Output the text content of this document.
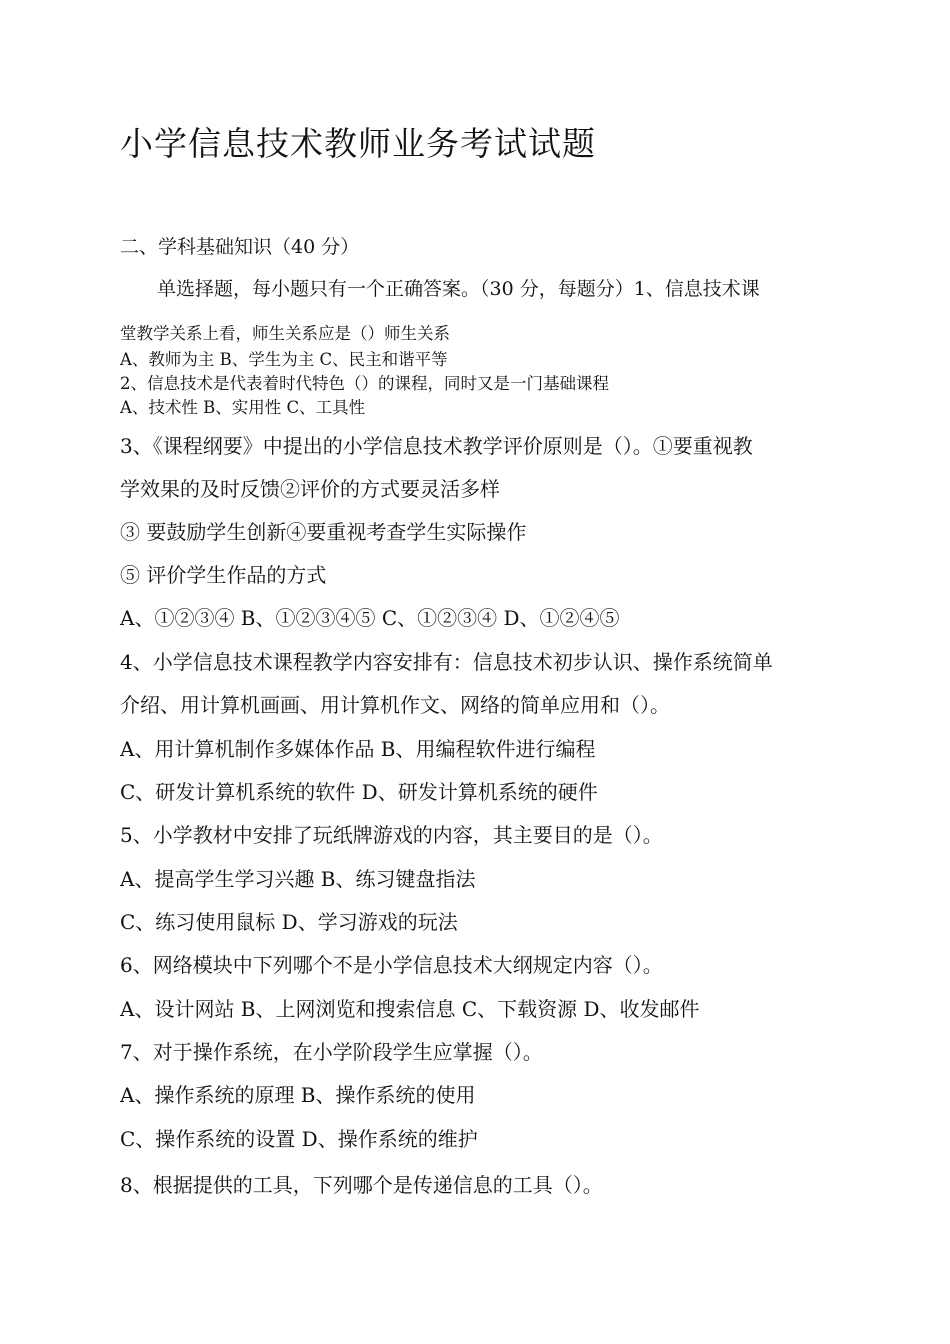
小学信息技术教师业务考试试题
二、学科基础知识（40 分）
单选择题，每小题只有一个正确答案。（30 分，每题分）1、信息技术课
堂教学关系上看，师生关系应是（）师生关系
A、教师为主 B、学生为主 C、民主和谐平等
2、信息技术是代表着时代特色（）的课程，同时又是一门基础课程
A、技术性 B、实用性 C、工具性
3、《课程纲要》中提出的小学信息技术教学评价原则是（）。①要重视教
学效果的及时反馈②评价的方式要灵活多样
③ 要鼓励学生创新④要重视考查学生实际操作
⑤ 评价学生作品的方式
A、①②③④ B、①②③④⑤ C、①②③④ D、①②④⑤
4、小学信息技术课程教学内容安排有：信息技术初步认识、操作系统简单
介绍、用计算机画画、用计算机作文、网络的简单应用和（）。
A、用计算机制作多媒体作品 B、用编程软件进行编程
C、研发计算机系统的软件 D、研发计算机系统的硬件
5、小学教材中安排了玩纸牌游戏的内容，其主要目的是（）。
A、提高学生学习兴趣 B、练习键盘指法
C、练习使用鼠标 D、学习游戏的玩法
6、网络模块中下列哪个不是小学信息技术大纲规定内容（）。
A、设计网站 B、上网浏览和搜索信息 C、下载资源 D、收发邮件
7、对于操作系统，在小学阶段学生应掌握（）。
A、操作系统的原理 B、操作系统的使用
C、操作系统的设置 D、操作系统的维护
8、根据提供的工具，下列哪个是传递信息的工具（）。
